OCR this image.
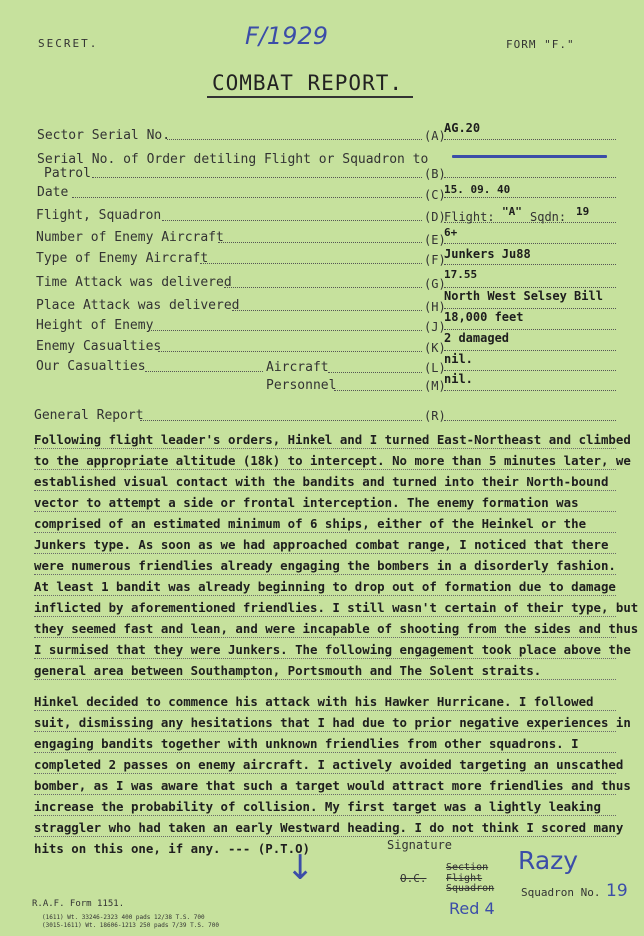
SECRET.	F/1929	FORM "F."
COMBAT REPORT.
Sector Serial No.	(A)
AG.20
Serial No. of Order detiling Flight or Squadron to
Patrol	(B)
Date	(C)
15. 09. 40
Flight, Squadron	(D)
Flight: "A" Sqdn: 19
Number of Enemy Aircraft	(E)
6+
Type of Enemy Aircraft	(F)
Junkers Ju88
Time Attack was delivered	(G)
17.55
Place Attack was delivered	(H)
North West Selsey Bill
Height of Enemy	(J)
18,000 feet
Enemy Casualties	(K)
2 damaged
Our Casualties	Aircraft	(L)
nil.
Personnel	(M)
nil.
General Report	(R)
Following flight leader's orders, Hinkel and I turned East-Northeast and climbed
to the appropriate altitude (18k) to intercept. No more than 5 minutes later, we
established visual contact with the bandits and turned into their North-bound
vector to attempt a side or frontal interception. The enemy formation was
comprised of an estimated minimum of 6 ships, either of the Heinkel or the
Junkers type. As soon as we had approached combat range, I noticed that there
were numerous friendlies already engaging the bombers in a disorderly fashion.
At least 1 bandit was already beginning to drop out of formation due to damage
inflicted by aforementioned friendlies. I still wasn't certain of their type, but
they seemed fast and lean, and were incapable of shooting from the sides and thus
I surmised that they were Junkers. The following engagement took place above the
general area between Southampton, Portsmouth and The Solent straits.
Hinkel decided to commence his attack with his Hawker Hurricane. I followed
suit, dismissing any hesitations that I had due to prior negative experiences in
engaging bandits together with unknown friendlies from other squadrons. I
completed 2 passes on enemy aircraft. I actively avoided targeting an unscathed
bomber, as I was aware that such a target would attract more friendlies and thus
increase the probability of collision. My first target was a lightly leaking
straggler who had taken an early Westward heading. I do not think I scored many
hits on this one, if any. --- (P.T.O)	Signature
↓	Razy
Section
O.C. Flight
Squadron Squadron No. 19
Red 4
R.A.F. Form 1151.
(1611) Wt. 33246-2323 400 pads 12/38 T.S. 700
(3015-1611) Wt. 18606-1213 250 pads 7/39 T.S. 700
